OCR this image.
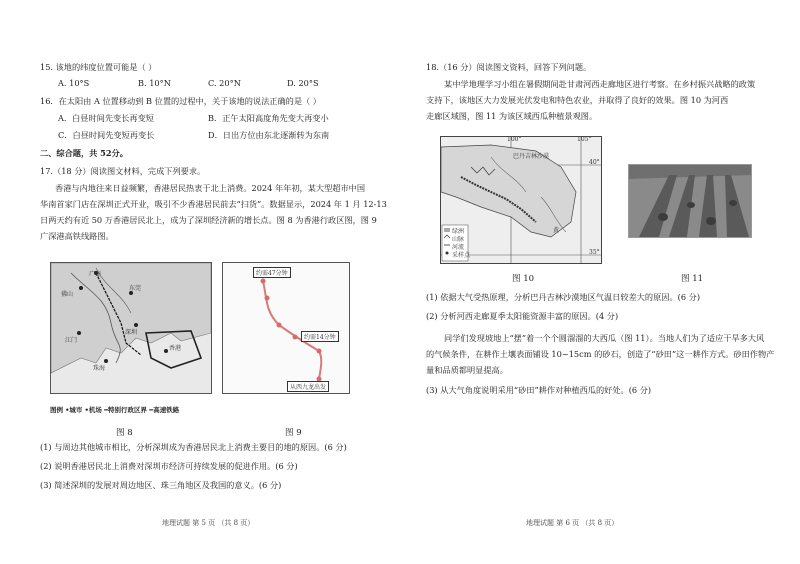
15. 该地的纬度位置可能是（ ）
A. 10°S	B. 10°N	C. 20°N	D. 20°S
16．在太阳由 A 位置移动到 B 位置的过程中，关于该地的说法正确的是（ ）
A．白昼时间先变长再变短	B．正午太阳高度角先变大再变小
C．白昼时间先变短再变长	D．日出方位由东北逐渐转为东南
二、综合题，共 52分。
17.（18 分）阅读图文材料，完成下列要求。
香港与内地往来日益频繁，香港居民热衷于北上消费。2024 年年初，某大型超市中国
华南首家门店在深圳正式开业，吸引不少香港居民前去“扫货”。数据显示，2024 年 1 月 12-13
日两天约有近 50 万香港居民北上，成为了深圳经济新的增长点。图 8 为香港行政区图，图 9
广深港高铁线路图。
广州
佛山
东莞
深圳
江门
香港
珠海
图例 •城市 •机场 ━特别行政区界 ━高速铁路
图 8
约需47分钟
约需14分钟
从西九龙出发
图 9
(1) 与周边其他城市相比，分析深圳成为香港居民北上消费主要目的地的原因。(6 分)
(2) 说明香港居民北上消费对深圳市经济可持续发展的促进作用。(6 分)
(3) 简述深圳的发展对周边地区、珠三角地区及我国的意义。(6 分)
地理试题 第 5 页 （共 8 页）
18.（16 分）阅读图文资料，回答下列问题。
某中学地理学习小组在暑假期间赴甘肃河西走廊地区进行考察。在乡村振兴战略的政策
支持下，该地区大力发展光伏发电和特色农业，并取得了良好的效果。图 10 为河西
走廊区域图，图 11 为该区域西瓜种植景观图。
100°	105°
40°
35°
巴丹吉林沙漠
黄
绿洲
山脉
河流
采样点
图 10	图 11
(1) 依据大气受热原理，分析巴丹吉林沙漠地区气温日较差大的原因。(6 分)
(2) 分析河西走廊夏季太阳能资源丰富的原因。(4 分)
同学们发现坡地上“摆”着一个个圆溜溜的大西瓜（图 11）。当地人们为了适应干旱多大风
的气候条件，在耕作土壤表面铺设 10~15cm 的砂石，创造了“砂田”这一耕作方式。砂田作物产
量和品质都明显提高。
(3) 从大气角度说明采用“砂田”耕作对种植西瓜的好处。(6 分)
地理试题 第 6 页 （共 8 页）
